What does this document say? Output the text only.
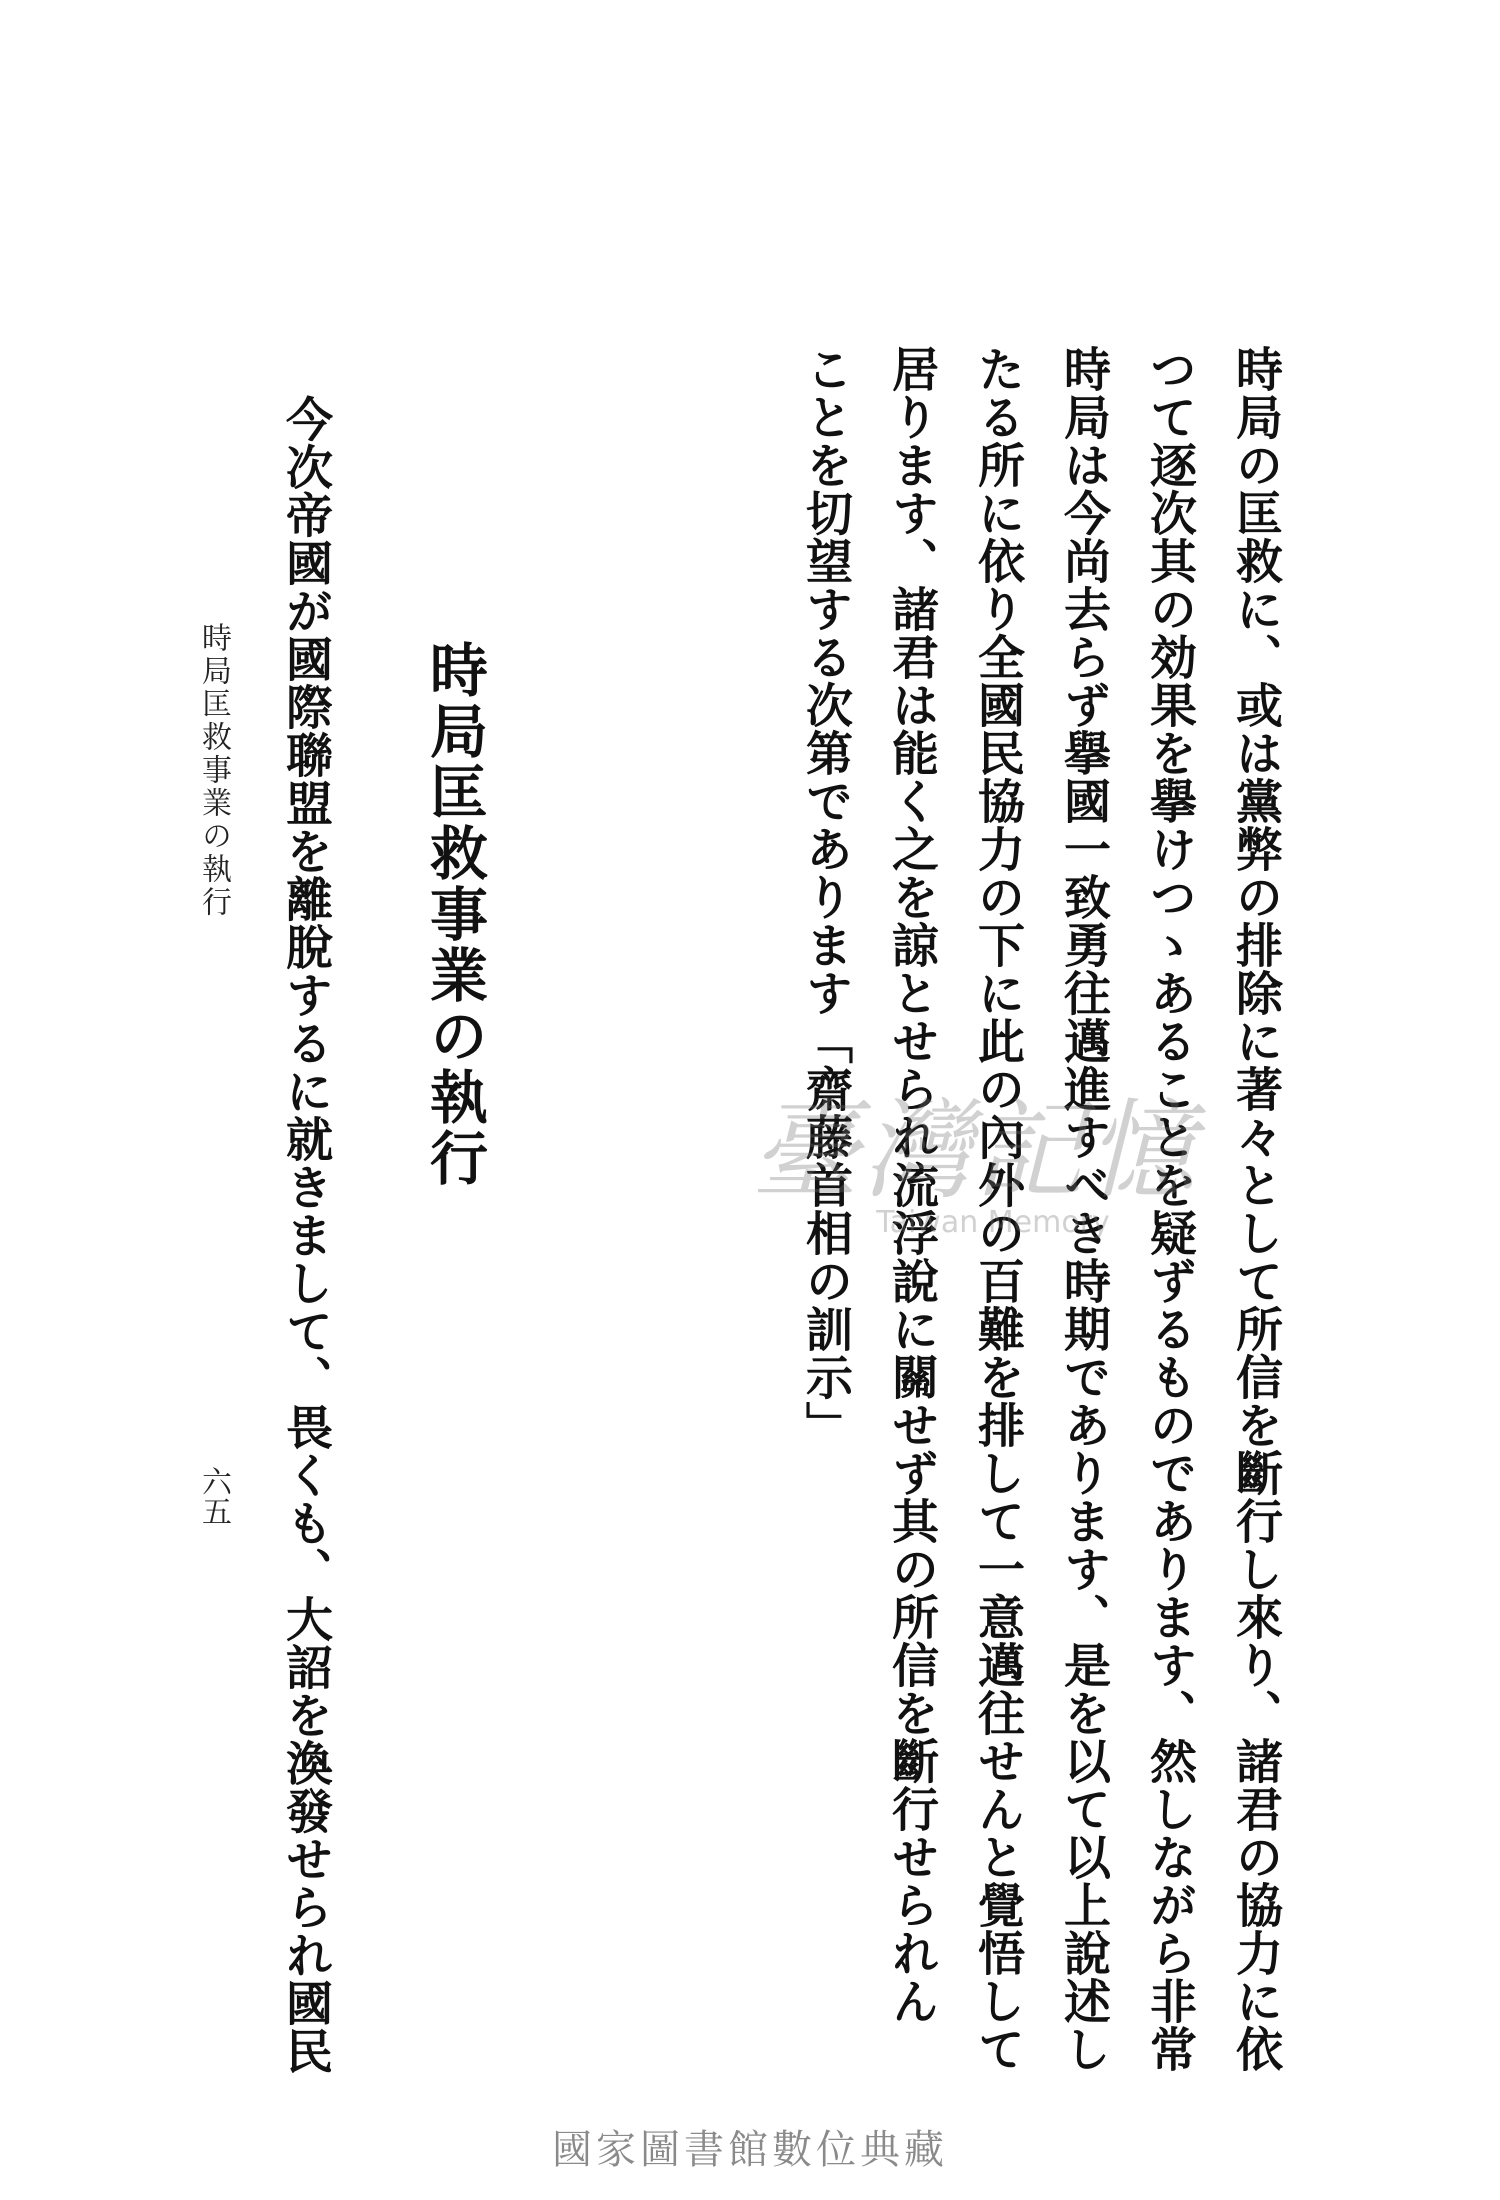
時局の匡救に、或は黨弊の排除に著々として所信を斷行し來り、諸君の協力に依
つて逐次其の効果を擧けつゝあることを疑ずるものであります、然しながら非常
時局は今尚去らず擧國一致勇往邁進すべき時期であります、是を以て以上說述し
たる所に依り全國民協力の下に此の內外の百難を排して一意邁往せんと覺悟して
居ります、諸君は能く之を諒とせられ流浮說に關せず其の所信を斷行せられん
ことを切望する次第であります「齋藤首相の訓示」
時局匡救事業の執行
今次帝國が國際聯盟を離脫するに就きまして、畏くも、大詔を渙發せられ國民
時局匡救事業の執行
六五
臺灣記憶
Taiwan Memory
國家圖書館數位典藏
